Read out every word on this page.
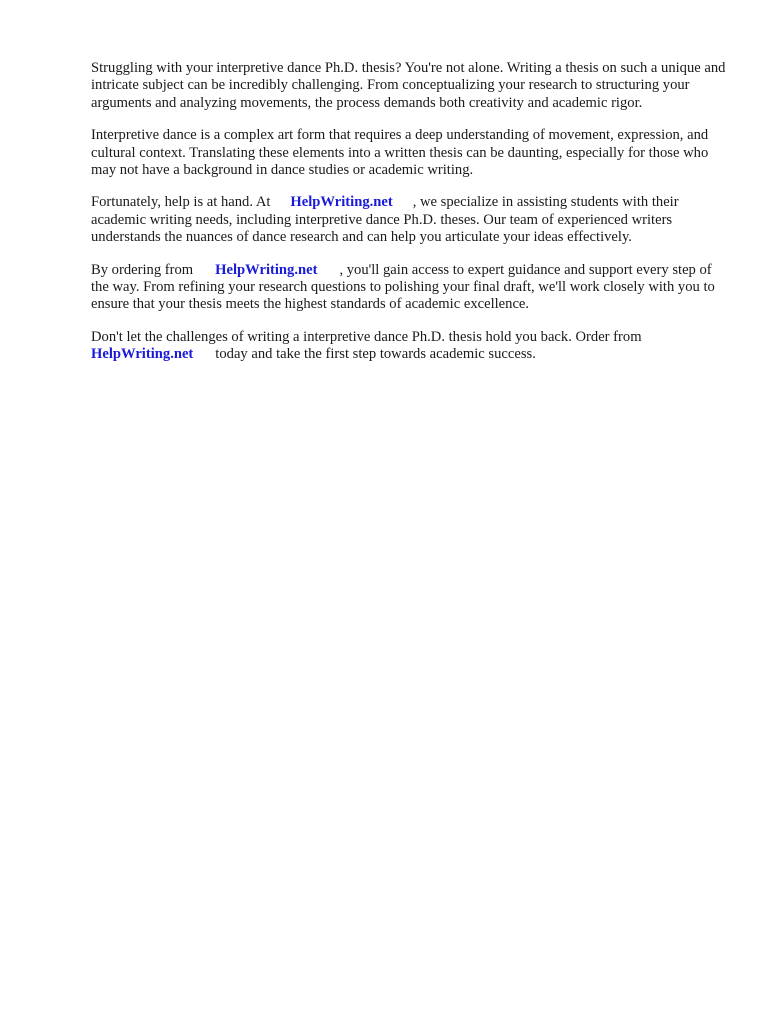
Struggling with your interpretive dance Ph.D. thesis? You're not alone. Writing a thesis on such a unique and intricate subject can be incredibly challenging. From conceptualizing your research to structuring your arguments and analyzing movements, the process demands both creativity and academic rigor.

Interpretive dance is a complex art form that requires a deep understanding of movement, expression, and cultural context. Translating these elements into a written thesis can be daunting, especially for those who may not have a background in dance studies or academic writing.

Fortunately, help is at hand. At HelpWriting.net , we specialize in assisting students with their academic writing needs, including interpretive dance Ph.D. theses. Our team of experienced writers understands the nuances of dance research and can help you articulate your ideas effectively.

By ordering from HelpWriting.net , you'll gain access to expert guidance and support every step of the way. From refining your research questions to polishing your final draft, we'll work closely with you to ensure that your thesis meets the highest standards of academic excellence.

Don't let the challenges of writing a interpretive dance Ph.D. thesis hold you back. Order from HelpWriting.net today and take the first step towards academic success.
